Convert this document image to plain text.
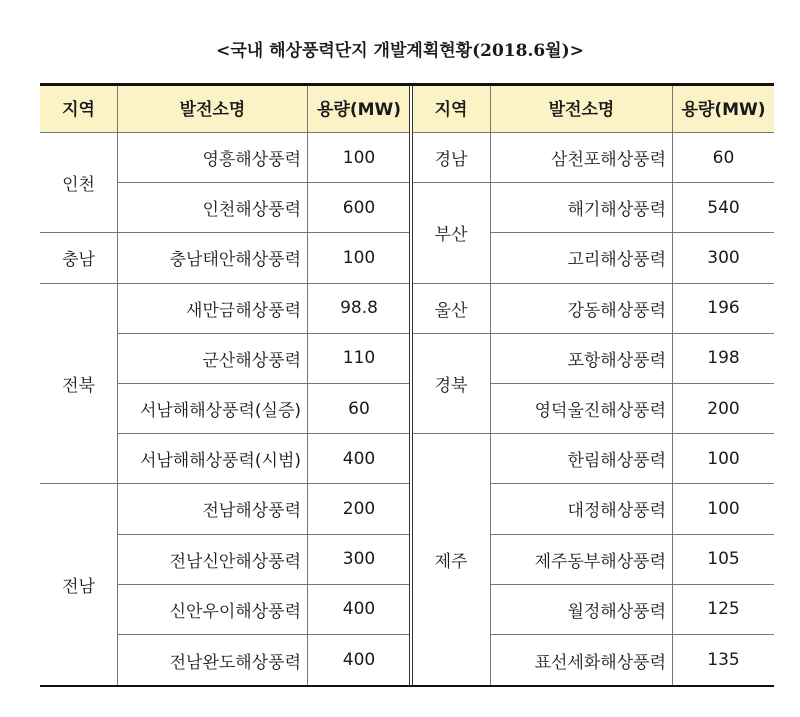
<국내 해상풍력단지 개발계획현황(2018.6월)>
지역	발전소명	용량(MW)
인천
영흥해상풍력	100
인천해상풍력	600
충남	충남태안해상풍력	100
전북
새만금해상풍력	98.8
군산해상풍력	110
서남해해상풍력(실증)	60
서남해해상풍력(시범)	400
전남
전남해상풍력	200
전남신안해상풍력	300
신안우이해상풍력	400
전남완도해상풍력	400
지역	발전소명	용량(MW)
경남	삼천포해상풍력	60
부산
해기해상풍력	540
고리해상풍력	300
울산	강동해상풍력	196
경북
포항해상풍력	198
영덕울진해상풍력	200
제주
한림해상풍력	100
대정해상풍력	100
제주동부해상풍력	105
월정해상풍력	125
표선세화해상풍력	135
